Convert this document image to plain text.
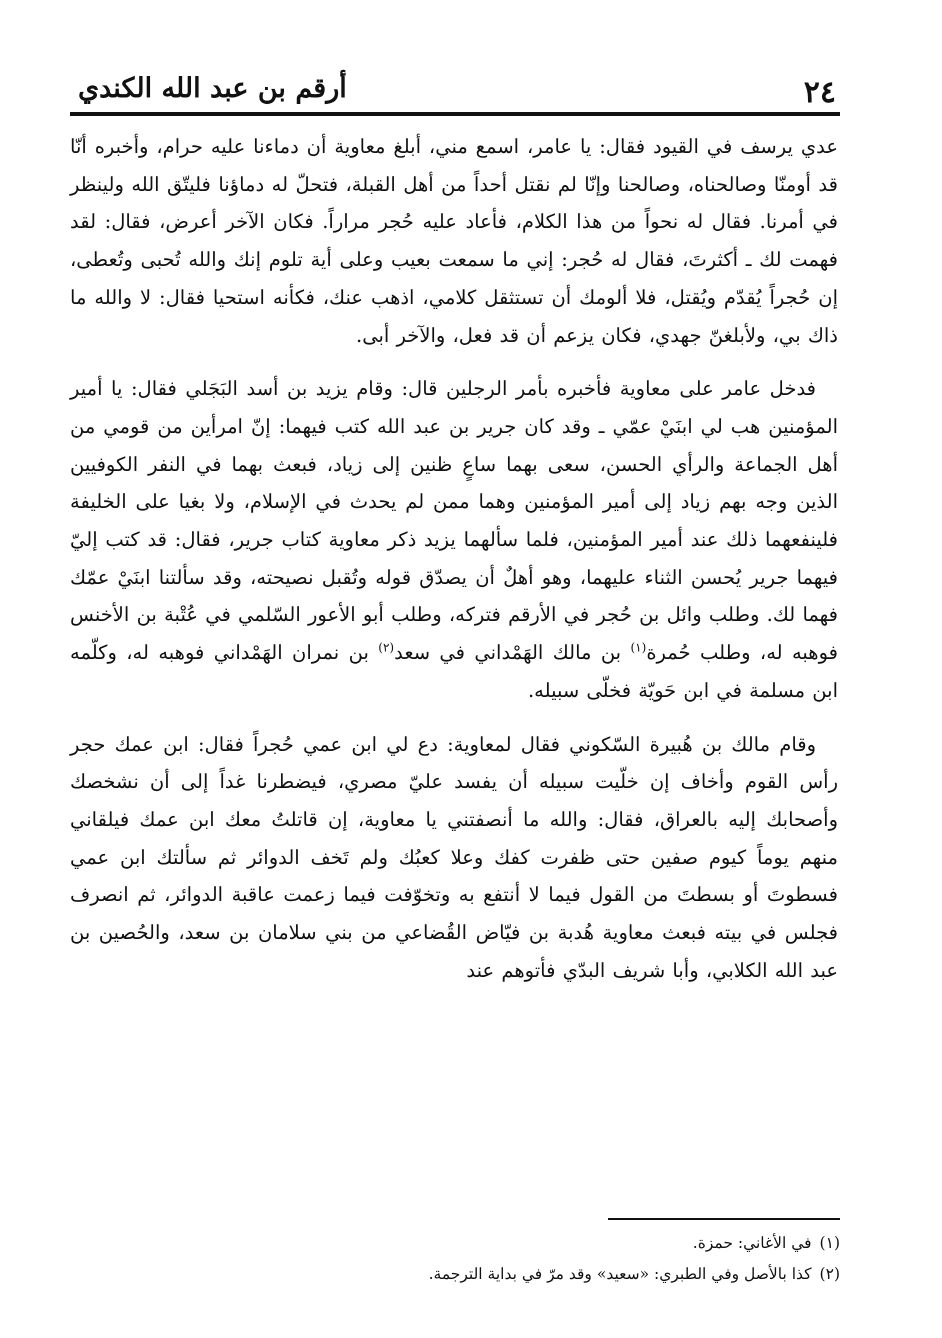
٢٤
أرقم بن عبد الله الكندي

عدي يرسف في القيود فقال: يا عامر، اسمع مني، أبلغ معاوية أن دماءنا عليه حرام، وأخبره أنّا قد أومنّا وصالحناه، وصالحنا وإنّا لم نقتل أحداً من أهل القبلة، فتحلّ له دماؤنا فليتّق الله ولينظر في أمرنا. فقال له نحواً من هذا الكلام، فأعاد عليه حُجر مراراً. فكان الآخر أعرض، فقال: لقد فهمت لك ـ أكثرتَ، فقال له حُجر: إني ما سمعت بعيب وعلى أية تلوم إنك والله تُحبى وتُعطى، إن حُجراً يُقدّم ويُقتل، فلا ألومك أن تستثقل كلامي، اذهب عنك، فكأنه استحيا فقال: لا والله ما ذاك بي، ولأبلغنّ جهدي، فكان يزعم أن قد فعل، والآخر أبى.

فدخل عامر على معاوية فأخبره بأمر الرجلين قال: وقام يزيد بن أسد البَجَلي فقال: يا أمير المؤمنين هب لي ابنَيْ عمّي ـ وقد كان جرير بن عبد الله كتب فيهما: إنّ امرأين من قومي من أهل الجماعة والرأي الحسن، سعى بهما ساعٍ ظنين إلى زياد، فبعث بهما في النفر الكوفيين الذين وجه بهم زياد إلى أمير المؤمنين وهما ممن لم يحدث في الإسلام، ولا بغيا على الخليفة فلينفعهما ذلك عند أمير المؤمنين، فلما سألهما يزيد ذكر معاوية كتاب جرير، فقال: قد كتب إليّ فيهما جرير يُحسن الثناء عليهما، وهو أهلٌ أن يصدّق قوله وتُقبل نصيحته، وقد سألتنا ابنَيْ عمّك فهما لك. وطلب وائل بن حُجر في الأرقم فتركه، وطلب أبو الأعور السّلمي في عُتْبة بن الأخنس فوهبه له، وطلب حُمرة$^{(١)}$ بن مالك الهَمْداني في سعد$^{(٢)}$ بن نمران الهَمْداني فوهبه له، وكلّمه ابن مسلمة في ابن حَويّة فخلّى سبيله.

وقام مالك بن هُبيرة السّكوني فقال لمعاوية: دع لي ابن عمي حُجراً فقال: ابن عمك حجر رأس القوم وأخاف إن خلّيت سبيله أن يفسد عليّ مصري، فيضطرنا غداً إلى أن نشخصك وأصحابك إليه بالعراق، فقال: والله ما أنصفتني يا معاوية، إن قاتلتُ معك ابن عمك فيلقاني منهم يوماً كيوم صفين حتى ظفرت كفك وعلا كعبُك ولم تَخف الدوائر ثم سألتك ابن عمي فسطوتَ أو بسطتَ من القول فيما لا أنتفع به وتخوّفت فيما زعمت عاقبة الدوائر، ثم انصرف فجلس في بيته فبعث معاوية هُدبة بن فيّاض القُضاعي من بني سلامان بن سعد، والحُصين بن عبد الله الكلابي، وأبا شريف البدّي فأتوهم عند

(١)في الأغاني: حمزة.
(٢)كذا بالأصل وفي الطبري: «سعيد» وقد مرّ في بداية الترجمة.
